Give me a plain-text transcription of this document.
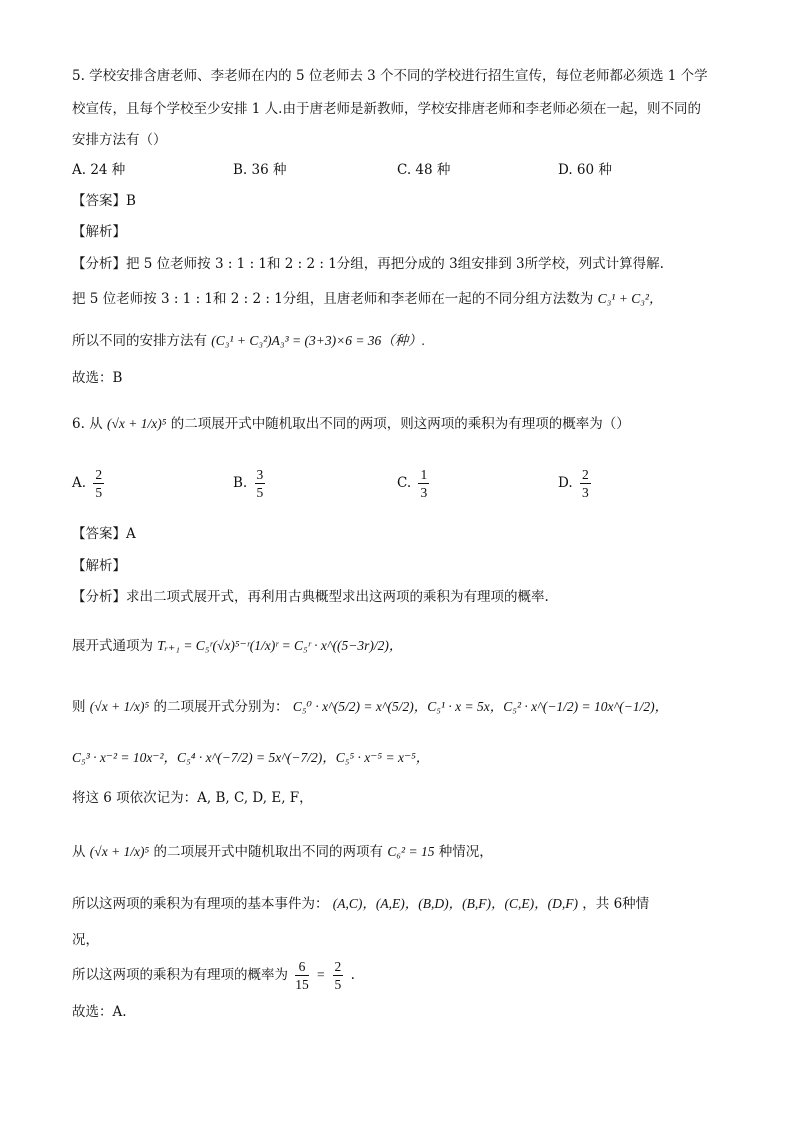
5. 学校安排含唐老师、李老师在内的 5 位老师去 3 个不同的学校进行招生宣传，每位老师都必须选 1 个学
校宣传，且每个学校至少安排 1 人.由于唐老师是新教师，学校安排唐老师和李老师必须在一起，则不同的
安排方法有（）
A. 24 种	B. 36 种	C. 48 种	D. 60 种
【答案】B
【解析】
【分析】把 5 位老师按 3 : 1 : 1和 2 : 2 : 1分组，再把分成的 3组安排到 3所学校，列式计算得解.
把 5 位老师按 3 : 1 : 1和 2 : 2 : 1分组，且唐老师和李老师在一起的不同分组方法数为 C₃¹ + C₃²，
所以不同的安排方法有 (C₃¹ + C₃²)A₃³ = (3+3)×6 = 36（种）.
故选：B
6. 从 (√x + 1/x)⁵ 的二项展开式中随机取出不同的两项，则这两项的乘积为有理项的概率为（）
A. $\frac{2}{5}$	B. $\frac{3}{5}$	C. $\frac{1}{3}$	D. $\frac{2}{3}$
【答案】A
【解析】
【分析】求出二项式展开式，再利用古典概型求出这两项的乘积为有理项的概率.
展开式通项为 Tᵣ₊₁ = C₅ʳ(√x)⁵⁻ʳ(1/x)ʳ = C₅ʳ · x^((5−3r)/2)，
则 (√x + 1/x)⁵ 的二项展开式分别为： C₅⁰ · x^(5/2) = x^(5/2)，C₅¹ · x = 5x，C₅² · x^(−1/2) = 10x^(−1/2)，
C₅³ · x⁻² = 10x⁻²，C₅⁴ · x^(−7/2) = 5x^(−7/2)，C₅⁵ · x⁻⁵ = x⁻⁵，
将这 6 项依次记为：A, B, C, D, E, F，
从 (√x + 1/x)⁵ 的二项展开式中随机取出不同的两项有 C₆² = 15 种情况，
所以这两项的乘积为有理项的基本事件为： (A,C)，(A,E)，(B,D)，(B,F)，(C,E)，(D,F) ，共 6种情
况，
所以这两项的乘积为有理项的概率为 $\frac{6}{15} = \frac{2}{5}$ .
故选：A.
